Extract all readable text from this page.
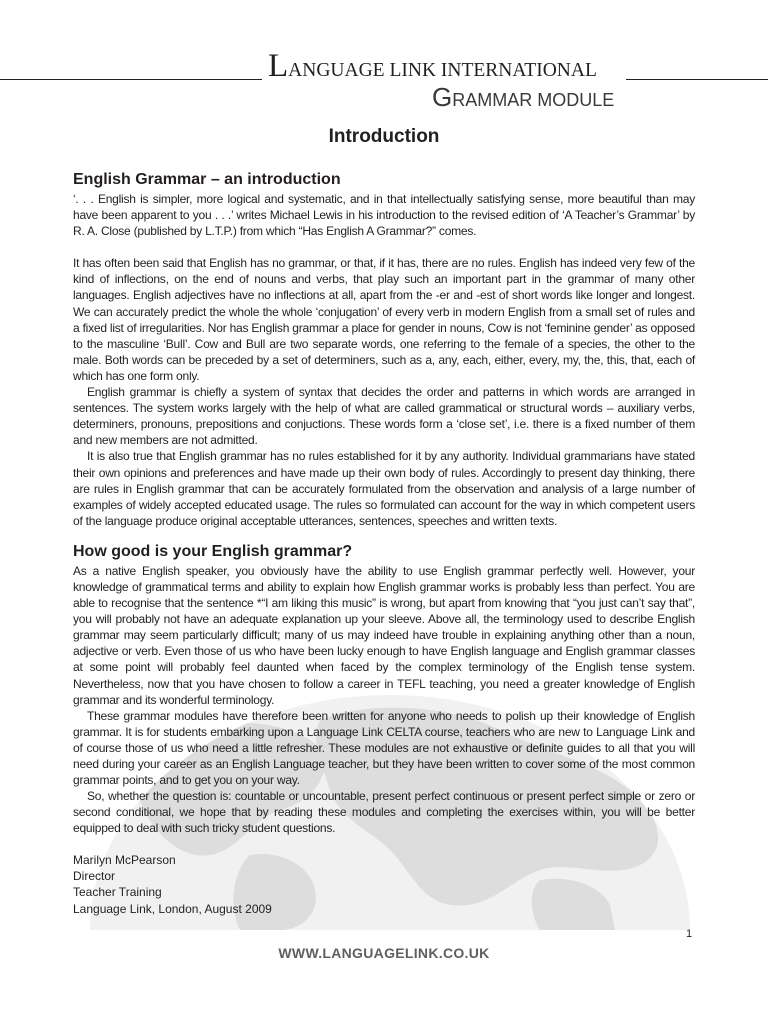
LANGUAGE LINK INTERNATIONAL
GRAMMAR MODULE
Introduction
English Grammar – an introduction

‘. . . English is simpler, more logical and systematic, and in that intellectually satisfying sense, more beautiful than may have been apparent to you . . .’ writes Michael Lewis in his introduction to the revised edition of ‘A Teacher’s Grammar’ by R. A. Close (published by L.T.P.) from which “Has English A Grammar?” comes.

It has often been said that English has no grammar, or that, if it has, there are no rules. English has indeed very few of the kind of inflections, on the end of nouns and verbs, that play such an important part in the grammar of many other languages. English adjectives have no inflections at all, apart from the -er and -est of short words like longer and longest. We can accurately predict the whole the whole ‘conjugation’ of every verb in modern English from a small set of rules and a fixed list of irregularities. Nor has English grammar a place for gender in nouns, Cow is not ‘feminine gender’ as opposed to the masculine ‘Bull’. Cow and Bull are two separate words, one referring to the female of a species, the other to the male. Both words can be preceded by a set of determiners, such as a, any, each, either, every, my, the, this, that, each of which has one form only.

English grammar is chiefly a system of syntax that decides the order and patterns in which words are arranged in sentences. The system works largely with the help of what are called grammatical or structural words – auxiliary verbs, determiners, pronouns, prepositions and conjuctions. These words form a ‘close set’, i.e. there is a fixed number of them and new members are not admitted.

It is also true that English grammar has no rules established for it by any authority. Individual grammarians have stated their own opinions and preferences and have made up their own body of rules. Accordingly to present day thinking, there are rules in English grammar that can be accurately formulated from the observation and analysis of a large number of examples of widely accepted educated usage. The rules so formulated can account for the way in which competent users of the language produce original acceptable utterances, sentences, speeches and written texts.

How good is your English grammar?

As a native English speaker, you obviously have the ability to use English grammar perfectly well. However, your knowledge of grammatical terms and ability to explain how English grammar works is probably less than perfect. You are able to recognise that the sentence *“I am liking this music” is wrong, but apart from knowing that “you just can’t say that”, you will probably not have an adequate explanation up your sleeve. Above all, the terminology used to describe English grammar may seem particularly difficult; many of us may indeed have trouble in explaining anything other than a noun, adjective or verb. Even those of us who have been lucky enough to have English language and English grammar classes at some point will probably feel daunted when faced by the complex terminology of the English tense system. Nevertheless, now that you have chosen to follow a career in TEFL teaching, you need a greater knowledge of English grammar and its wonderful terminology.

These grammar modules have therefore been written for anyone who needs to polish up their knowledge of English grammar. It is for students embarking upon a Language Link CELTA course, teachers who are new to Language Link and of course those of us who need a little refresher. These modules are not exhaustive or definite guides to all that you will need during your career as an English Language teacher, but they have been written to cover some of the most common grammar points, and to get you on your way.

So, whether the question is: countable or uncountable, present perfect continuous or present perfect simple or zero or second conditional, we hope that by reading these modules and completing the exercises within, you will be better equipped to deal with such tricky student questions.

Marilyn McPearson
Director
Teacher Training
Language Link, London, August 2009
1
WWW.LANGUAGELINK.CO.UK
